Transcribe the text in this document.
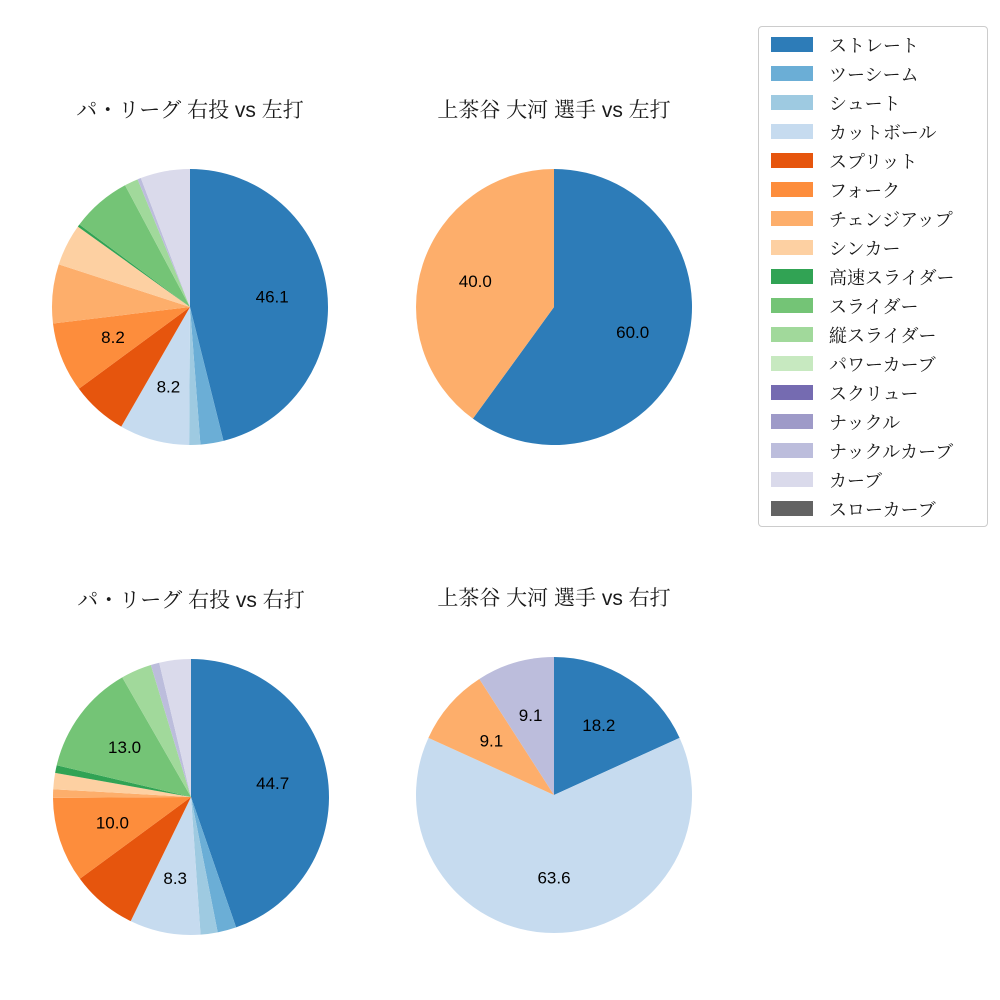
パ・リーグ 右投 vs 左打
46.1
8.2
8.2
上茶谷 大河 選手 vs 左打
60.0
40.0
パ・リーグ 右投 vs 右打
44.7
8.3
10.0
13.0
上茶谷 大河 選手 vs 右打
18.2
63.6
9.1
9.1
ストレート
ツーシーム
シュート
カットボール
スプリット
フォーク
チェンジアップ
シンカー
高速スライダー
スライダー
縦スライダー
パワーカーブ
スクリュー
ナックル
ナックルカーブ
カーブ
スローカーブ
